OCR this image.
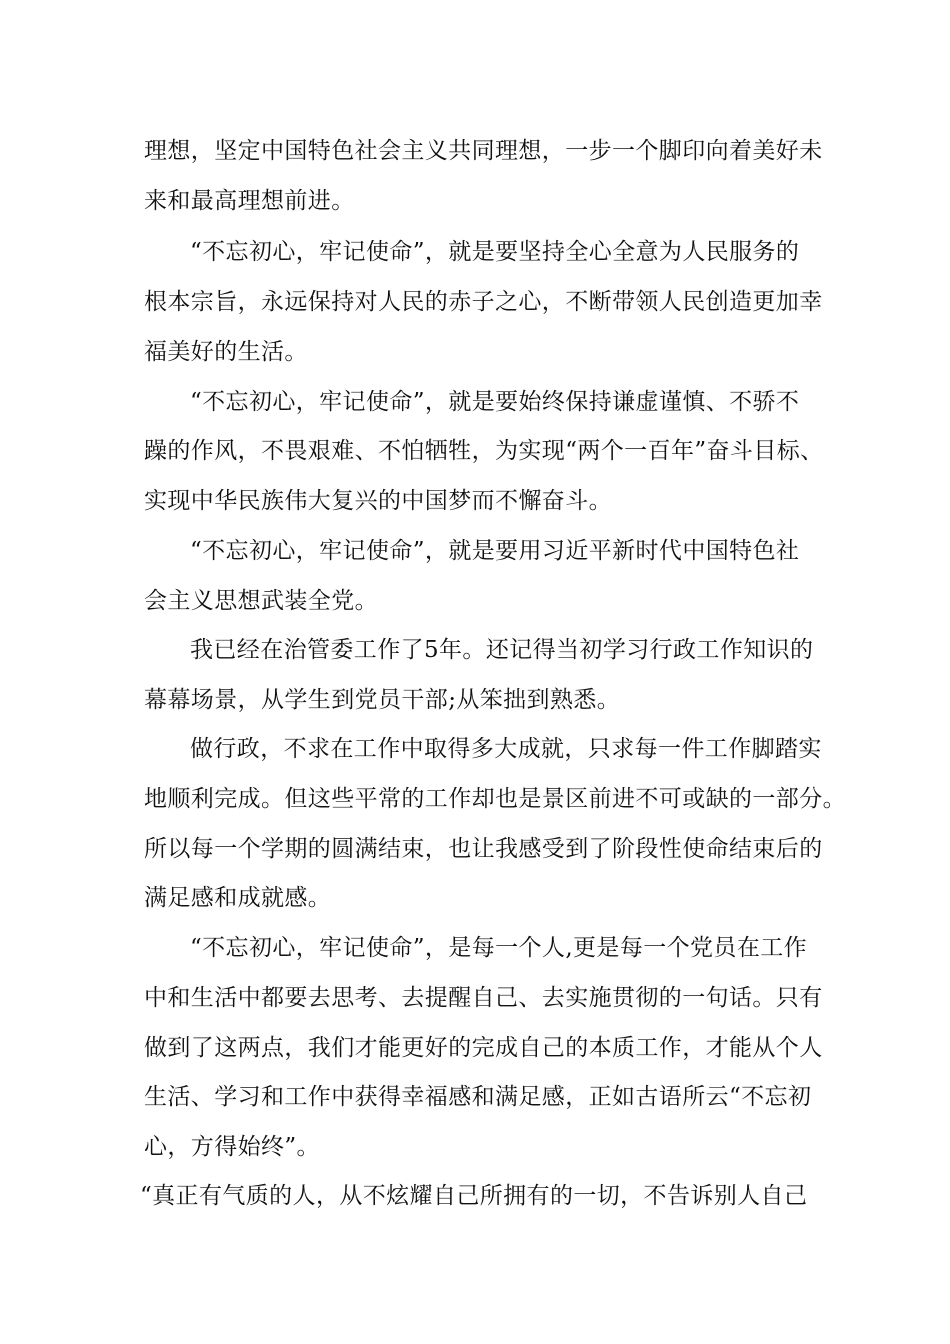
理想，坚定中国特色社会主义共同理想，一步一个脚印向着美好未
来和最高理想前进。
“不忘初心，牢记使命”，就是要坚持全心全意为人民服务的
根本宗旨，永远保持对人民的赤子之心，不断带领人民创造更加幸
福美好的生活。
“不忘初心，牢记使命”，就是要始终保持谦虚谨慎、不骄不
躁的作风，不畏艰难、不怕牺牲，为实现“两个一百年”奋斗目标、
实现中华民族伟大复兴的中国梦而不懈奋斗。
“不忘初心，牢记使命”，就是要用习近平新时代中国特色社
会主义思想武装全党。
我已经在治管委工作了5年。还记得当初学习行政工作知识的
幕幕场景，从学生到党员干部;从笨拙到熟悉。
做行政，不求在工作中取得多大成就，只求每一件工作脚踏实
地顺利完成。但这些平常的工作却也是景区前进不可或缺的一部分。
所以每一个学期的圆满结束，也让我感受到了阶段性使命结束后的
满足感和成就感。
“不忘初心，牢记使命”，是每一个人,更是每一个党员在工作
中和生活中都要去思考、去提醒自己、去实施贯彻的一句话。只有
做到了这两点，我们才能更好的完成自己的本质工作，才能从个人
生活、学习和工作中获得幸福感和满足感，正如古语所云“不忘初
心，方得始终”。
“真正有气质的人，从不炫耀自己所拥有的一切，不告诉别人自己
